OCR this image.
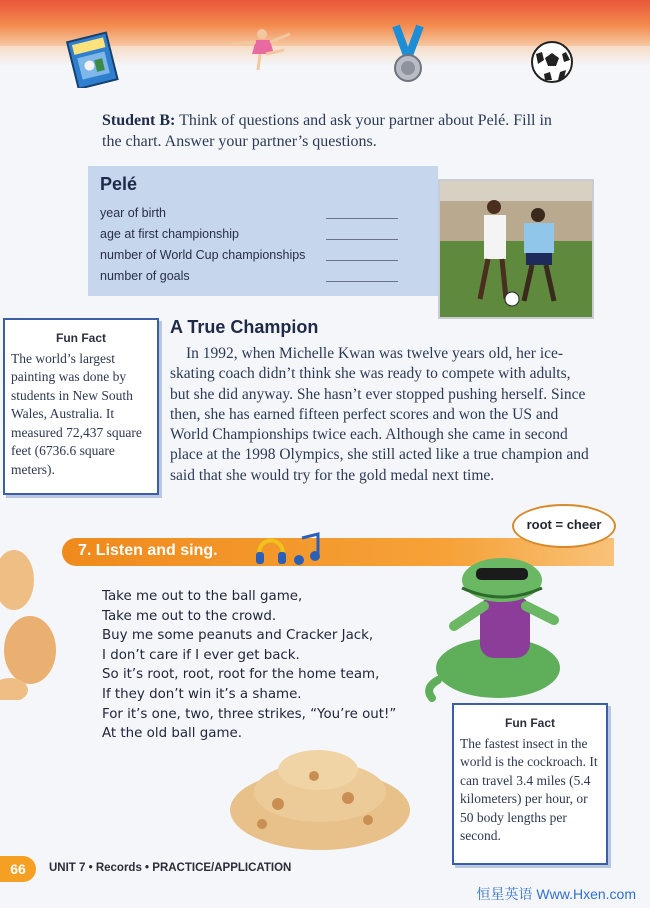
Student B: Think of questions and ask your partner about Pelé. Fill in the chart. Answer your partner’s questions.
Pelé
year of birth
age at first championship
number of World Cup championships
number of goals
Fun Fact
The world’s largest painting was done by students in New South Wales, Australia. It measured 72,437 square feet (6736.6 square meters).
A True Champion
In 1992, when Michelle Kwan was twelve years old, her ice-skating coach didn’t think she was ready to compete with adults, but she did anyway. She hasn’t ever stopped pushing herself. Since then, she has earned fifteen perfect scores and won the US and World Championships twice each. Although she came in second place at the 1998 Olympics, she still acted like a true champion and said that she would try for the gold medal next time.
7. Listen and sing.
root = cheer
Take me out to the ball game,
Take me out to the crowd.
Buy me some peanuts and Cracker Jack,
I don’t care if I ever get back.
So it’s root, root, root for the home team,
If they don’t win it’s a shame.
For it’s one, two, three strikes, “You’re out!”
At the old ball game.
Fun Fact
The fastest insect in the world is the cockroach. It can travel 3.4 miles (5.4 kilometers) per hour, or 50 body lengths per second.
66	UNIT 7 • Records • PRACTICE/APPLICATION
恒星英语 Www.Hxen.com
